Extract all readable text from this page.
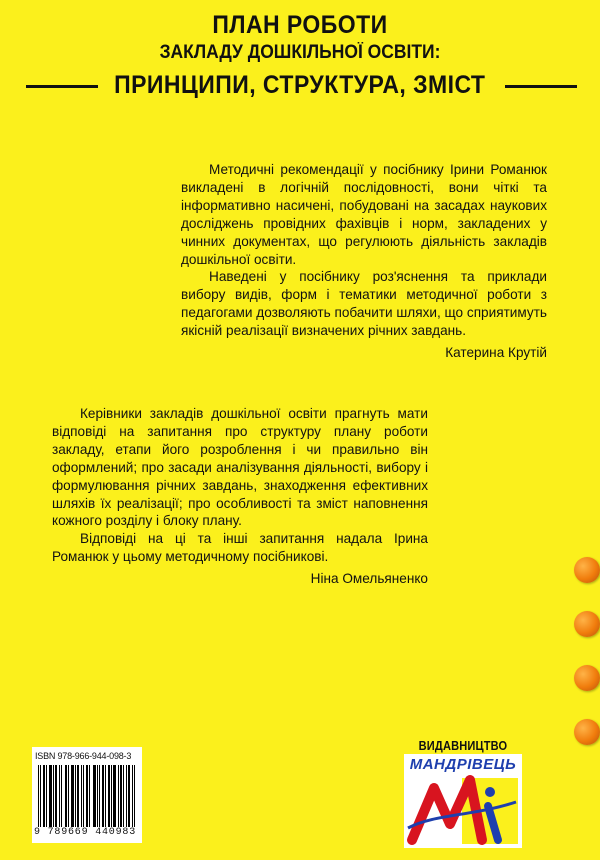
ПЛАН РОБОТИ
ЗАКЛАДУ ДОШКІЛЬНОЇ ОСВІТИ:
ПРИНЦИПИ, СТРУКТУРА, ЗМІСТ

Методичні рекомендації у посібнику Ірини Романюк викладені в логічній послідовності, вони чіткі та інформативно насичені, побудовані на засадах наукових досліджень провідних фахівців і норм, закладених у чинних документах, що регулюють діяльність закладів дошкільної освіти.

Наведені у посібнику роз'яснення та приклади вибору видів, форм і тематики методичної роботи з педагогами дозволяють побачити шляхи, що сприятимуть якісній реалізації визначених річних завдань.

Катерина Крутій

Керівники закладів дошкільної освіти прагнуть мати відповіді на запитання про структуру плану роботи закладу, етапи його розроблення і чи правильно він оформлений; про засади аналізування діяльності, вибору і формулювання річних завдань, знаходження ефективних шляхів їх реалізації; про особливості та зміст наповнення кожного розділу і блоку плану.

Відповіді на ці та інші запитання надала Ірина Романюк у цьому методичному посібникові.

Ніна Омельяненко
ISBN 978-966-944-098-3
9 789669 440983
ВИДАВНИЦТВО
МАНДРІВЕЦЬ
